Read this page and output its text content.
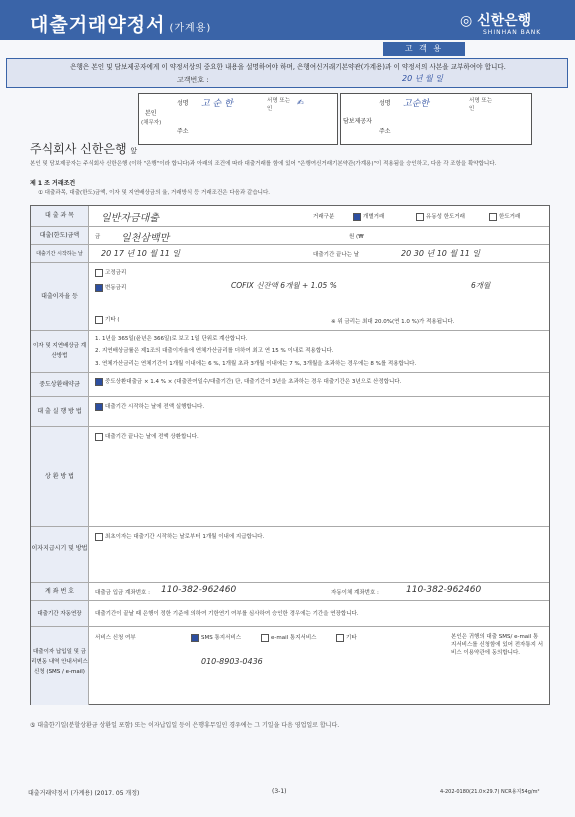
대출거래약정서 (가계용)	◎ 신한은행
SHINHAN BANK
고 객 용
은행은 본인 및 담보제공자에게 이 약정서상의 중요한 내용을 설명하여야 하며, 은행여신거래기본약관(가계용)과 이 약정서의 사본을 교부하여야 합니다.
고객번호 :	20 년 월 일
본인
(채무자)
성명 고 순 한	서명 또는 인
✍
주소
담보제공자
성명 고순한	서명 또는 인
주소
주식회사 신한은행 앞
본인 및 담보제공자는 주식회사 신한은행 (이하 "은행"이라 합니다)과 아래의 조건에 따라 대출거래를 함에 있어 "은행여신거래기본약관(가계용)"이 적용됨을 승인하고, 다음 각 조항을 확약합니다.
제 1 조 거래조건
① 대출과목, 대출(한도)금액, 이자 및 지연배상금의 율, 거래방식 등 거래조건은 다음과 같습니다.
대 출 과 목	일반자금대출	거래구분	개별거래	유동성 한도거래	한도거래
대출(한도)금액	금 일천삼백만	원 (₩
대출기간 시작하는 날	20 17 년 10 월 11 일	대출기간 끝나는 날	20 30 년 10 월 11 일
대출이자율 등
고정금리
변동금리	COFIX 신잔액 6개월 + 1.05 %	6개월
기타 (	※ 위 금리는 최대 20.0%(연 1.0 %)가 적용됩니다.
이자 및 지연배상금 계산방법
1. 1년을 365일(윤년은 366일)로 보고 1일 단위로 계산합니다.
2. 지연배상금률은 제1조의 대출이자율에 연체가산금리를 더하여 최고 연 15 % 이내로 적용합니다.
3. 연체가산금리는 연체기간이 1개월 이내에는 6 %, 1개월 초과 3개월 이내에는 7 %, 3개월을 초과하는 경우에는 8 %를 적용합니다.
중도상환해약금	중도상환대출금 × 1.4 % × (대출잔여일수/대출기간) 단, 대출기간이 3년을 초과하는 경우 대출기간은 3년으로 산정합니다.
대 출 실 행 방 법
대출기간 시작하는 날에 전액 실행합니다.
상 환 방 법
대출기간 끝나는 날에 전액 상환합니다.
이자지급시기 및 방법
최초이자는 대출기간 시작하는 날로부터 1개월 이내에 지급합니다.
계 좌 번 호	대출금 입금 계좌번호 : 110-382-962460	자동이체 계좌번호 :	110-382-962460
대출기간 자동연장	대출기간이 끝날 때 은행이 정한 기준에 의하여 기한연기 여부를 심사하여 승인한 경우에는 기간을 연장합니다.
대출이자 납입일 및 금리변동 내역 안내서비스 신청 (SMS / e-mail)
서비스 신청 여부	SMS 통지서비스	e-mail 통지서비스	기타
010-8903-0436
본인은 귀행의 대출 SMS/ e-mail 통지서비스를 신청함에 있어 전자통지 서비스 이용약관에 동의합니다.
⑤ 대출한기일(분할상환금 상환일 포함) 또는 이자납입일 등이 은행휴무일인 경우에는 그 기일을 다음 영업일로 합니다.
대출거래약정서 (가계용) (2017. 05 개정)	(3-1)	4-202-0180(21.0×29.7) NCR용지54g/m²
